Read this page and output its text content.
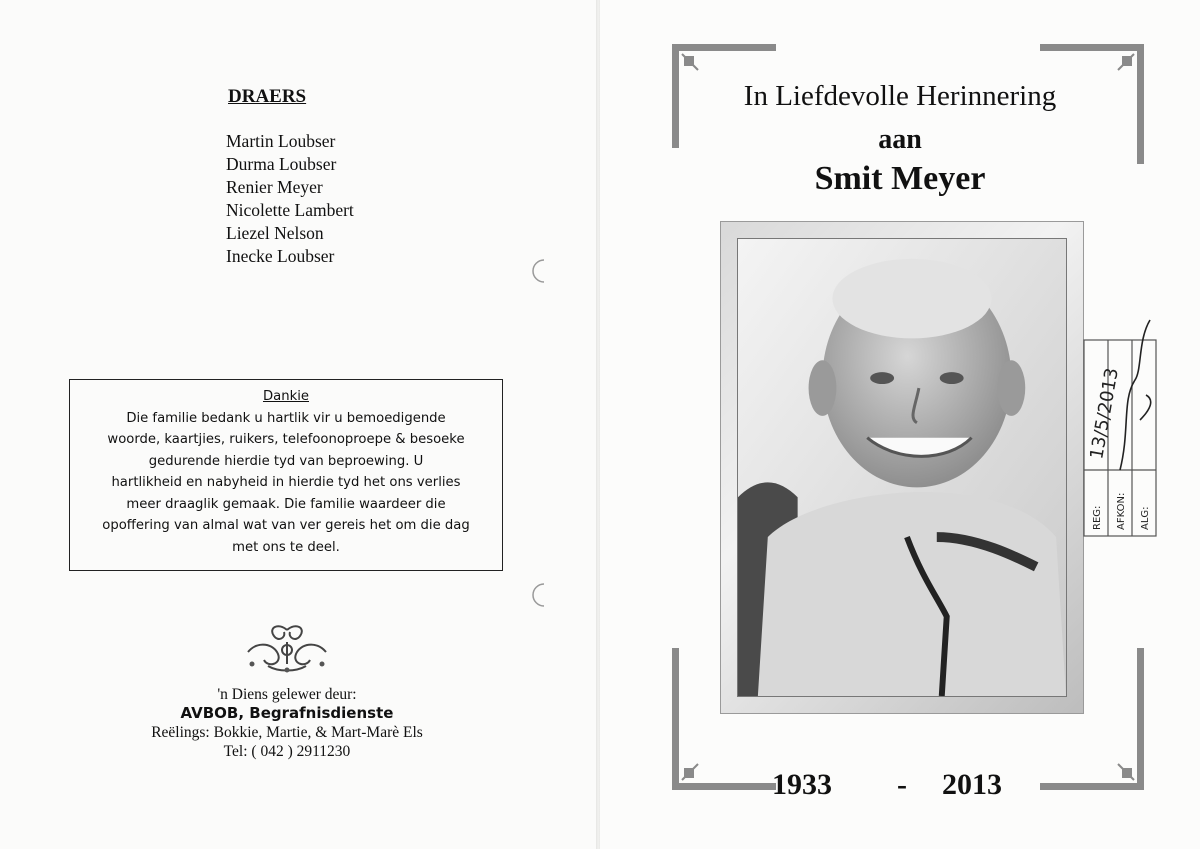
DRAERS

Martin Loubser
Durma Loubser
Renier Meyer
Nicolette Lambert
Liezel Nelson
Inecke Loubser
Dankie
Die familie bedank u hartlik vir u bemoedigende
woorde, kaartjies, ruikers, telefoonoproepe & besoeke
gedurende hierdie tyd van beproewing. U
hartlikheid en nabyheid in hierdie tyd het ons verlies
meer draaglik gemaak. Die familie waardeer die
opoffering van almal wat van ver gereis het om die dag
met ons te deel.
'n Diens gelewer deur:
AVBOB, Begrafnisdienste
Reëlings: Bokkie, Martie, & Mart-Marè Els
Tel: ( 042 ) 2911230

In Liefdevolle Herinnering

aan

Smit Meyer

REG: AFKON: ALG:
13/5/2013

1933 - 2013
